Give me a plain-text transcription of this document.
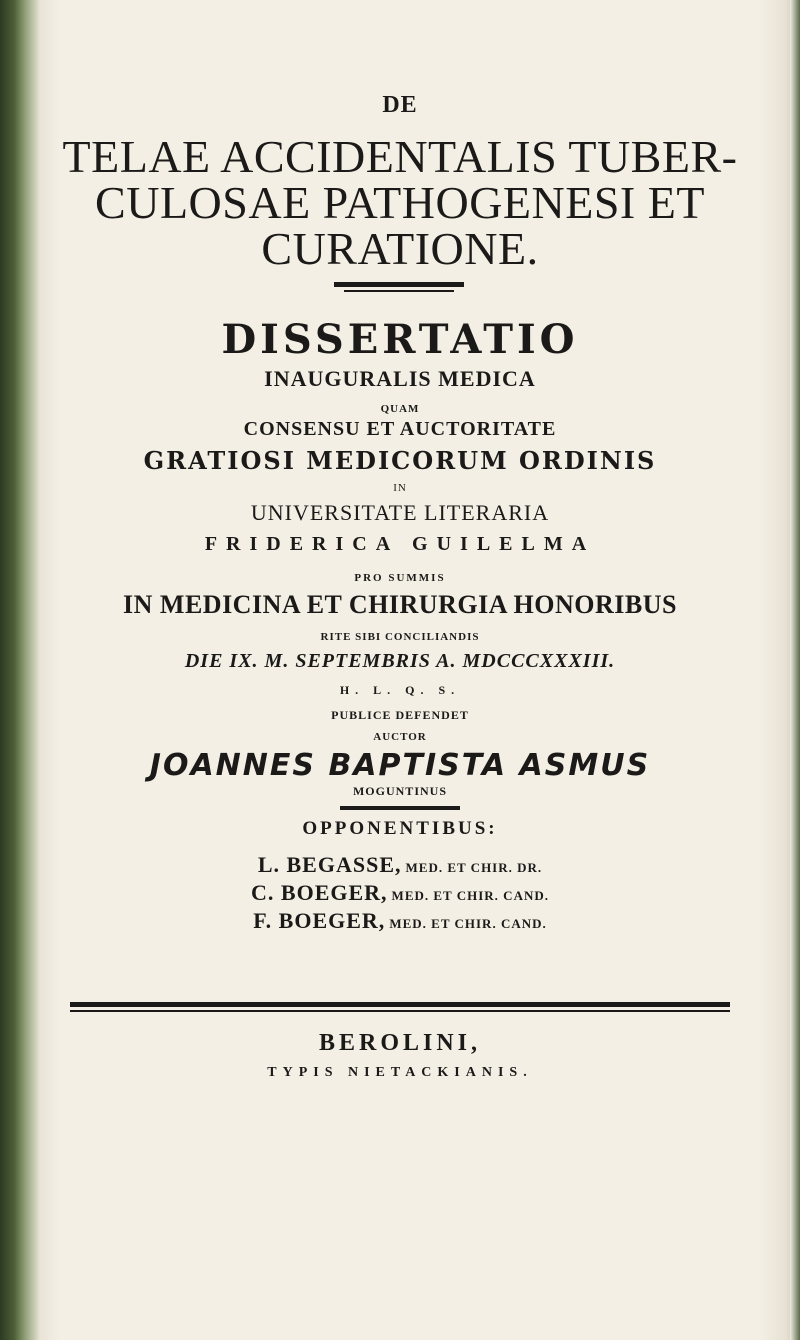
DE
TELAE ACCIDENTALIS TUBER-
CULOSAE PATHOGENESI ET
CURATIONE.
DISSERTATIO
INAUGURALIS MEDICA
QUAM
CONSENSU ET AUCTORITATE
GRATIOSI MEDICORUM ORDINIS
IN
UNIVERSITATE LITERARIA
FRIDERICA GUILELMA
PRO SUMMIS
IN MEDICINA ET CHIRURGIA HONORIBUS
RITE SIBI CONCILIANDIS
DIE IX. M. SEPTEMBRIS A. MDCCCXXXIII.
H. L. Q. S.
PUBLICE DEFENDET
AUCTOR
JOANNES BAPTISTA ASMUS
MOGUNTINUS
OPPONENTIBUS:
L. BEGASSE, MED. ET CHIR. DR.
C. BOEGER, MED. ET CHIR. CAND.
F. BOEGER, MED. ET CHIR. CAND.
BEROLINI,
TYPIS NIETACKIANIS.
